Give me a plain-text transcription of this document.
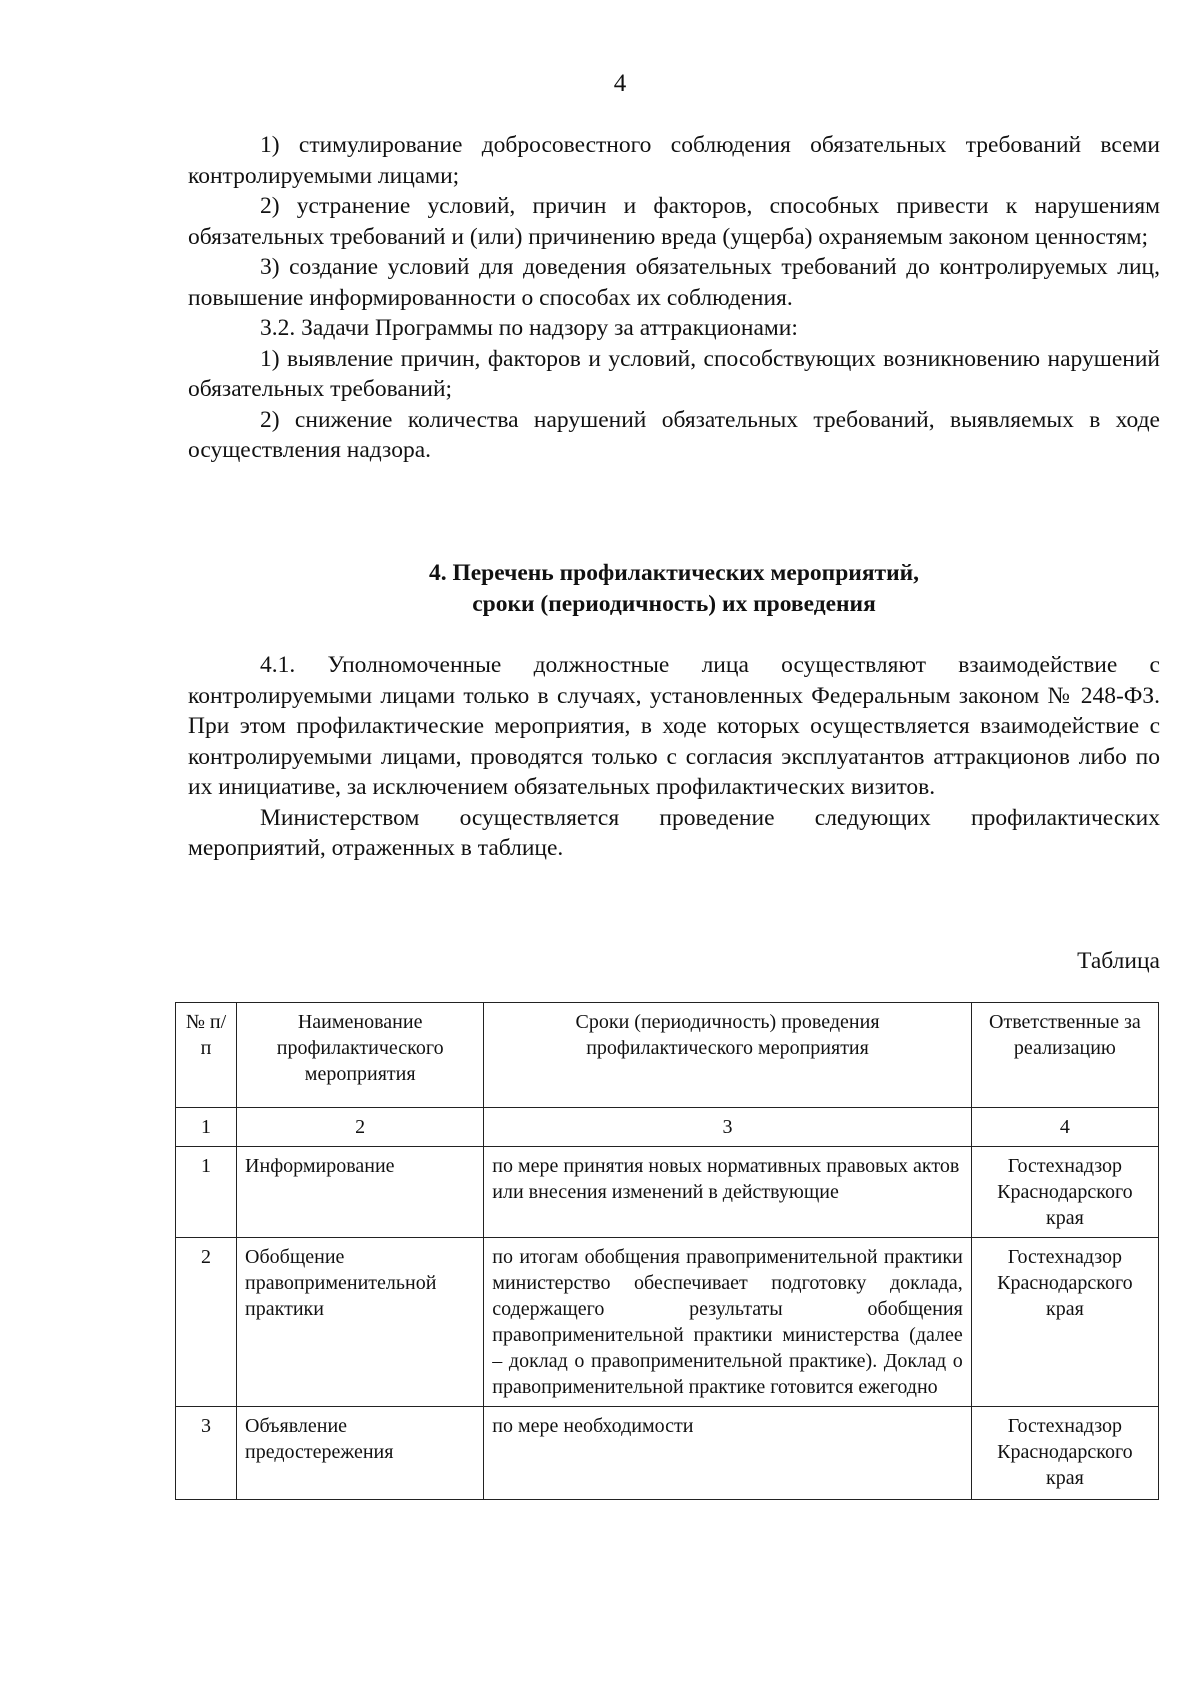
4

1) стимулирование добросовестного соблюдения обязательных требований всеми контролируемыми лицами;

2) устранение условий, причин и факторов, способных привести к нарушениям обязательных требований и (или) причинению вреда (ущерба) охраняемым законом ценностям;

3) создание условий для доведения обязательных требований до контролируемых лиц, повышение информированности о способах их соблюдения.

3.2. Задачи Программы по надзору за аттракционами:

1) выявление причин, факторов и условий, способствующих возникновению нарушений обязательных требований;

2) снижение количества нарушений обязательных требований, выявляемых в ходе осуществления надзора.

4. Перечень профилактических мероприятий,
сроки (периодичность) их проведения

4.1. Уполномоченные должностные лица осуществляют взаимодействие с контролируемыми лицами только в случаях, установленных Федеральным законом № 248-ФЗ. При этом профилактические мероприятия, в ходе которых осуществляется взаимодействие с контролируемыми лицами, проводятся только с согласия эксплуатантов аттракционов либо по их инициативе, за исключением обязательных профилактических визитов.

Министерством осуществляется проведение следующих профилактических мероприятий, отраженных в таблице.

Таблица
№ п/п	Наименование профилактического мероприятия	Сроки (периодичность) проведения профилактического мероприятия	Ответственные за реализацию
1	2	3	4
1	Информирование	по мере принятия новых нормативных правовых актов или внесения изменений в действующие	Гостехнадзор Краснодарского края
2	Обобщение правоприменительной практики	по итогам обобщения правоприменительной практики министерство обеспечивает подготовку доклада, содержащего результаты обобщения правоприменительной практики министерства (далее – доклад о правоприменительной практике). Доклад о правоприменительной практике готовится ежегодно	Гостехнадзор Краснодарского края
3	Объявление предостережения	по мере необходимости	Гостехнадзор Краснодарского края
